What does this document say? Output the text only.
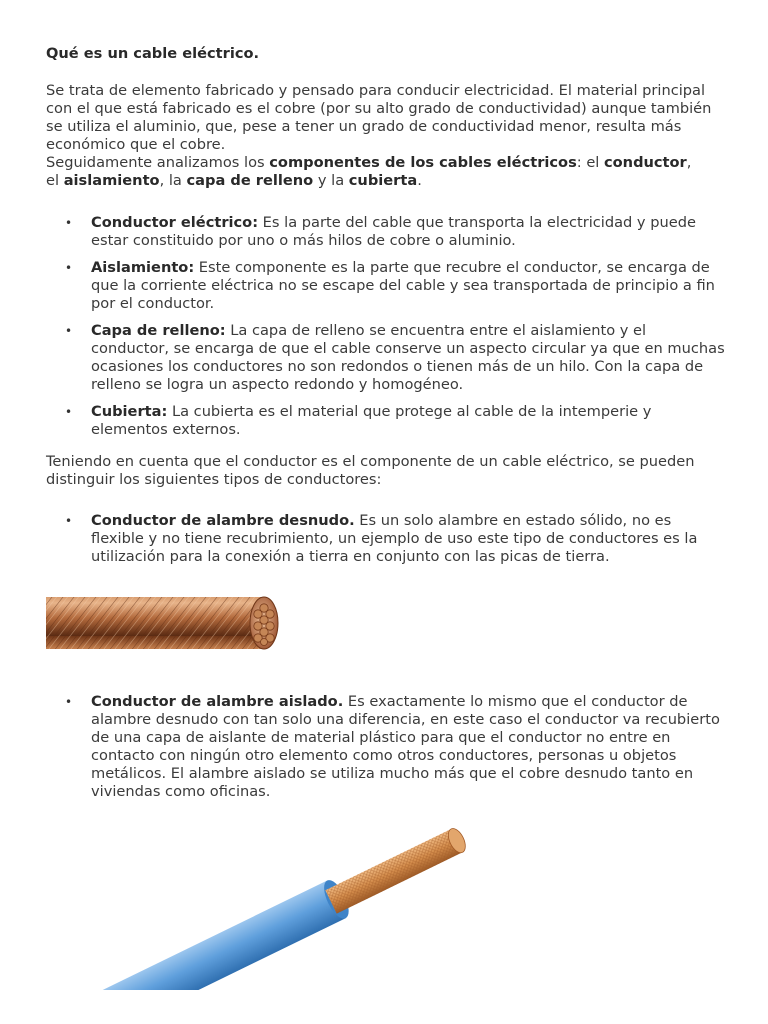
Qué es un cable eléctrico.

Se trata de elemento fabricado y pensado para conducir electricidad. El material principal con el que está fabricado es el cobre (por su alto grado de conductividad) aunque también se utiliza el aluminio, que, pese a tener un grado de conductividad menor, resulta más económico que el cobre.
Seguidamente analizamos los componentes de los cables eléctricos: el conductor,
el aislamiento, la capa de relleno y la cubierta.

• Conductor eléctrico: Es la parte del cable que transporta la electricidad y puede estar constituido por uno o más hilos de cobre o aluminio.
• Aislamiento: Este componente es la parte que recubre el conductor, se encarga de que la corriente eléctrica no se escape del cable y sea transportada de principio a fin por el conductor.
• Capa de relleno: La capa de relleno se encuentra entre el aislamiento y el conductor, se encarga de que el cable conserve un aspecto circular ya que en muchas ocasiones los conductores no son redondos o tienen más de un hilo. Con la capa de relleno se logra un aspecto redondo y homogéneo.
• Cubierta: La cubierta es el material que protege al cable de la intemperie y elementos externos.

Teniendo en cuenta que el conductor es el componente de un cable eléctrico, se pueden distinguir los siguientes tipos de conductores:

• Conductor de alambre desnudo. Es un solo alambre en estado sólido, no es flexible y no tiene recubrimiento, un ejemplo de uso este tipo de conductores es la utilización para la conexión a tierra en conjunto con las picas de tierra.
• Conductor de alambre aislado. Es exactamente lo mismo que el conductor de alambre desnudo con tan solo una diferencia, en este caso el conductor va recubierto de una capa de aislante de material plástico para que el conductor no entre en contacto con ningún otro elemento como otros conductores, personas u objetos metálicos. El alambre aislado se utiliza mucho más que el cobre desnudo tanto en viviendas como oficinas.
